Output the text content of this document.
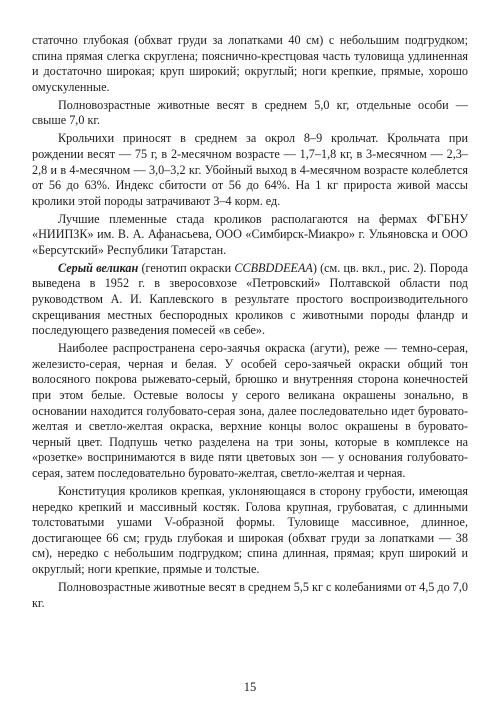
статочно глубокая (обхват груди за лопатками 40 см) с небольшим подгрудком; спина прямая слегка скруглена; пояснично-крестцовая часть туловища удлиненная и достаточно широкая; круп широкий; округлый; ноги крепкие, прямые, хорошо омускуленные.

Полновозрастные животные весят в среднем 5,0 кг, отдельные особи — свыше 7,0 кг.

Крольчихи приносят в среднем за окрол 8–9 крольчат. Крольчата при рождении весят — 75 г, в 2-месячном возрасте — 1,7–1,8 кг, в 3-месячном — 2,3–2,8 и в 4-месячном — 3,0–3,2 кг. Убойный выход в 4-месячном возрасте колеблется от 56 до 63%. Индекс сбитости от 56 до 64%. На 1 кг прироста живой массы кролики этой породы затрачивают 3–4 корм. ед.

Лучшие племенные стада кроликов располагаются на фермах ФГБНУ «НИИПЗК» им. В. А. Афанасьева, ООО «Симбирск-Миакро» г. Ульяновска и ООО «Берсутский» Республики Татарстан.

Серый великан (генотип окраски CCBBDDEEAA) (см. цв. вкл., рис. 2). Порода выведена в 1952 г. в зверосовхозе «Петровский» Полтавской области под руководством А. И. Каплевского в результате простого воспроизводительного скрещивания местных беспородных кроликов с животными породы фландр и последующего разведения помесей «в себе».

Наиболее распространена серо-заячья окраска (агути), реже — темно-серая, железисто-серая, черная и белая. У особей серо-заячьей окраски общий тон волосяного покрова рыжевато-серый, брюшко и внутренняя сторона конечностей при этом белые. Остевые волосы у серого великана окрашены зонально, в основании находится голубовато-серая зона, далее последовательно идет буровато-желтая и светло-желтая окраска, верхние концы волос окрашены в буровато-черный цвет. Подпушь четко разделена на три зоны, которые в комплексе на «розетке» воспринимаются в виде пяти цветовых зон — у основания голубовато-серая, затем последовательно буровато-желтая, светло-желтая и черная.

Конституция кроликов крепкая, уклоняющаяся в сторону грубости, имеющая нередко крепкий и массивный костяк. Голова крупная, грубоватая, с длинными толстоватыми ушами V-образной формы. Туловище массивное, длинное, достигающее 66 см; грудь глубокая и широкая (обхват груди за лопатками — 38 см), нередко с небольшим подгрудком; спина длинная, прямая; круп широкий и округлый; ноги крепкие, прямые и толстые.

Полновозрастные животные весят в среднем 5,5 кг с колебаниями от 4,5 до 7,0 кг.

15
